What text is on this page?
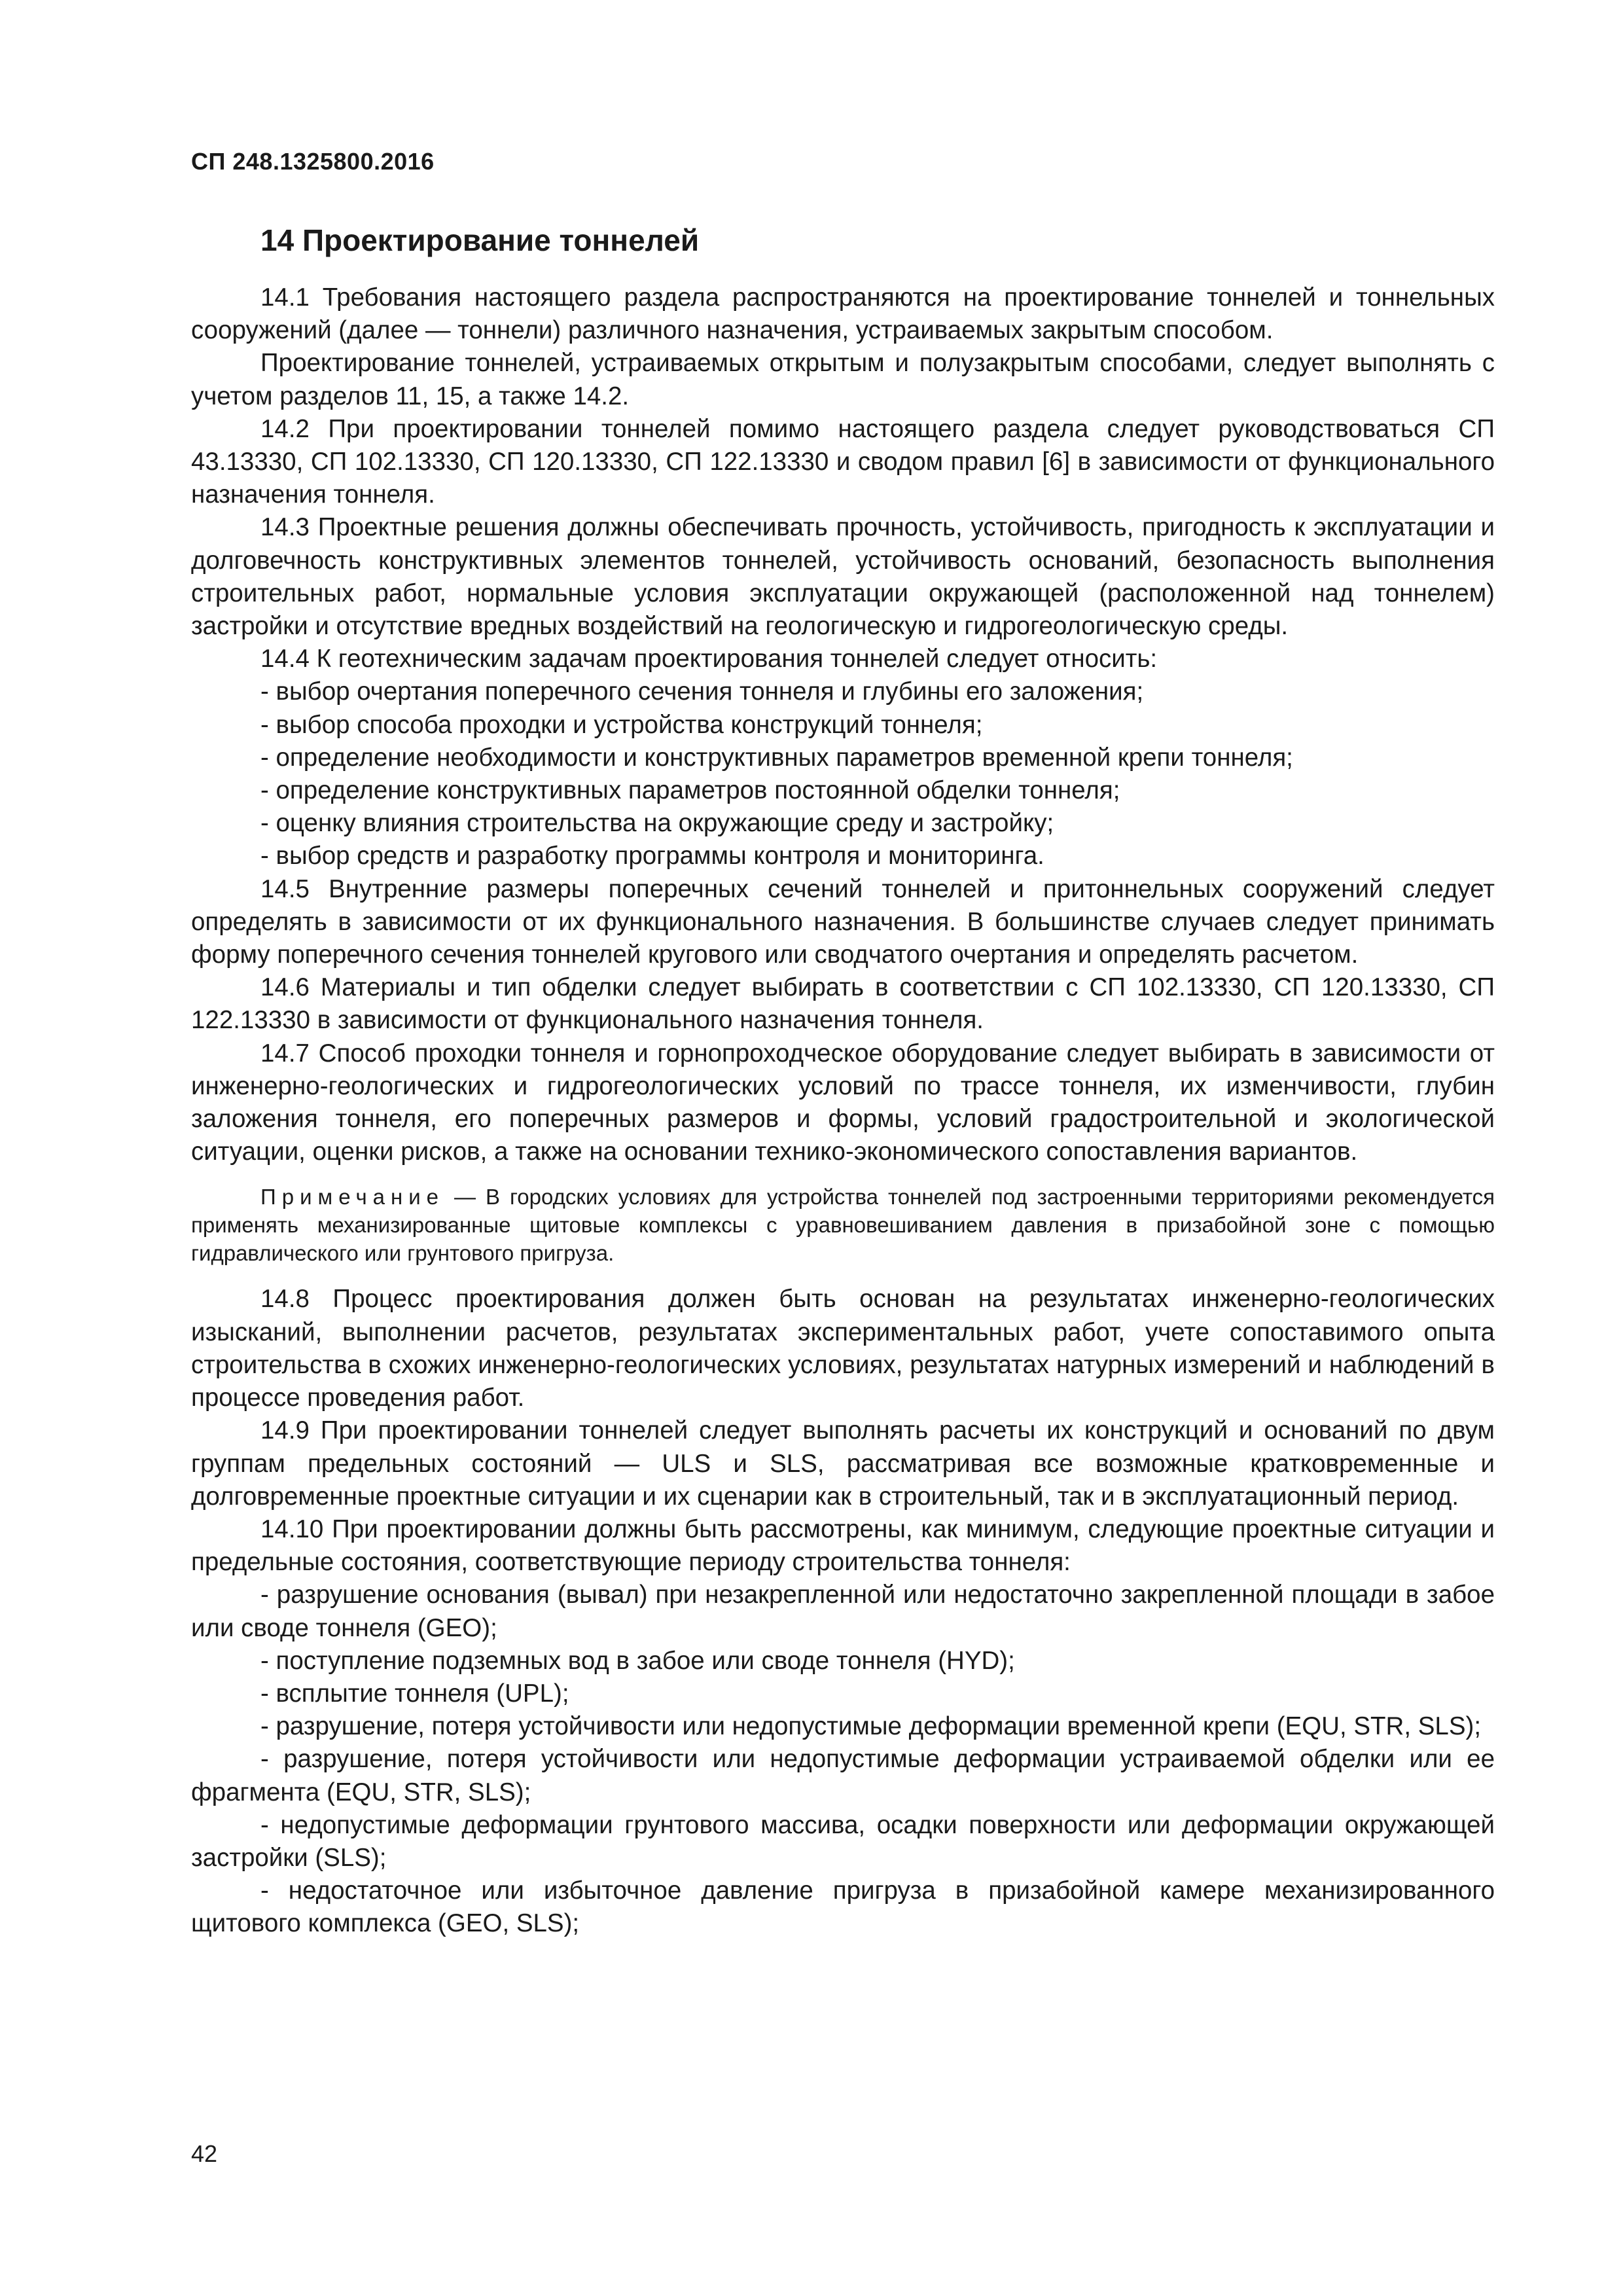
СП 248.1325800.2016
14 Проектирование тоннелей

14.1 Требования настоящего раздела распространяются на проектирование тоннелей и тоннельных сооружений (далее — тоннели) различного назначения, устраиваемых закрытым способом.

Проектирование тоннелей, устраиваемых открытым и полузакрытым способами, следует выполнять с учетом разделов 11, 15, а также 14.2.

14.2 При проектировании тоннелей помимо настоящего раздела следует руководствоваться СП 43.13330, СП 102.13330, СП 120.13330, СП 122.13330 и сводом правил [6] в зависимости от функционального назначения тоннеля.

14.3 Проектные решения должны обеспечивать прочность, устойчивость, пригодность к эксплуатации и долговечность конструктивных элементов тоннелей, устойчивость оснований, безопасность выполнения строительных работ, нормальные условия эксплуатации окружающей (расположенной над тоннелем) застройки и отсутствие вредных воздействий на геологическую и гидрогеологическую среды.

14.4 К геотехническим задачам проектирования тоннелей следует относить:

- выбор очертания поперечного сечения тоннеля и глубины его заложения;
- выбор способа проходки и устройства конструкций тоннеля;
- определение необходимости и конструктивных параметров временной крепи тоннеля;
- определение конструктивных параметров постоянной обделки тоннеля;
- оценку влияния строительства на окружающие среду и застройку;
- выбор средств и разработку программы контроля и мониторинга.

14.5 Внутренние размеры поперечных сечений тоннелей и притоннельных сооружений следует определять в зависимости от их функционального назначения. В большинстве случаев следует принимать форму поперечного сечения тоннелей кругового или сводчатого очертания и определять расчетом.

14.6 Материалы и тип обделки следует выбирать в соответствии с СП 102.13330, СП 120.13330, СП 122.13330 в зависимости от функционального назначения тоннеля.

14.7 Способ проходки тоннеля и горнопроходческое оборудование следует выбирать в зависимости от инженерно-геологических и гидрогеологических условий по трассе тоннеля, их изменчивости, глубин заложения тоннеля, его поперечных размеров и формы, условий градостроительной и экологической ситуации, оценки рисков, а также на основании технико-экономического сопоставления вариантов.

Примечание — В городских условиях для устройства тоннелей под застроенными территориями рекомендуется применять механизированные щитовые комплексы с уравновешиванием давления в призабойной зоне с помощью гидравлического или грунтового пригруза.

14.8 Процесс проектирования должен быть основан на результатах инженерно-геологических изысканий, выполнении расчетов, результатах экспериментальных работ, учете сопоставимого опыта строительства в схожих инженерно-геологических условиях, результатах натурных измерений и наблюдений в процессе проведения работ.

14.9 При проектировании тоннелей следует выполнять расчеты их конструкций и оснований по двум группам предельных состояний — ULS и SLS, рассматривая все возможные кратковременные и долговременные проектные ситуации и их сценарии как в строительный, так и в эксплуатационный период.

14.10 При проектировании должны быть рассмотрены, как минимум, следующие проектные ситуации и предельные состояния, соответствующие периоду строительства тоннеля:

- разрушение основания (вывал) при незакрепленной или недостаточно закрепленной площади в забое или своде тоннеля (GEO);

- поступление подземных вод в забое или своде тоннеля (HYD);

- всплытие тоннеля (UPL);

- разрушение, потеря устойчивости или недопустимые деформации временной крепи (EQU, STR, SLS);

- разрушение, потеря устойчивости или недопустимые деформации устраиваемой обделки или ее фрагмента (EQU, STR, SLS);

- недопустимые деформации грунтового массива, осадки поверхности или деформации окружающей застройки (SLS);

- недостаточное или избыточное давление пригруза в призабойной камере механизированного щитового комплекса (GEO, SLS);

42
